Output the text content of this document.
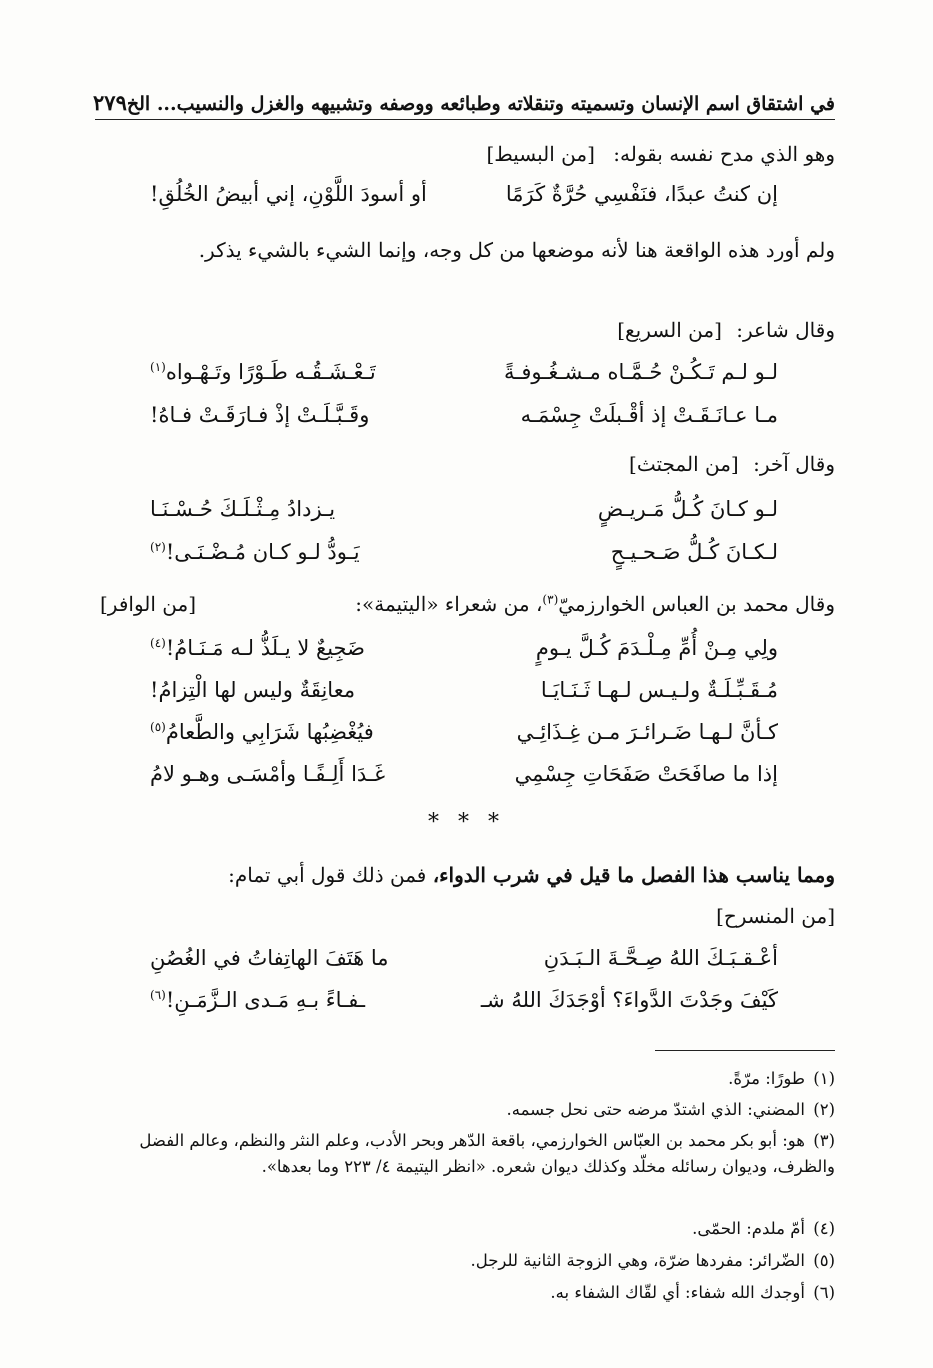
في اشتقاق اسم الإنسان وتسميته وتنقلاته وطبائعه ووصفه وتشبيهه والغزل والنسيب... الخ
٢٧٩
وهو الذي مدح نفسه بقوله: [من البسيط]
إن كنتُ عبدًا، فنَفْسِي حُرَّةٌ كَرَمًا
أو أسودَ اللَّوْنِ، إني أبيضُ الخُلُقِ!
ولم أورد هذه الواقعة هنا لأنه موضعها من كل وجه، وإنما الشيء بالشيء يذكر.
وقال شاعر: [من السريع]
لـو لـم تَـكُـنْ حُـمَّـاه مـشـغُـوفـةً
تَـعْـشَـقُـه طَـوْرًا وتَـهْـواه$^{(١)}$
مـا عـانَـقَـتْ إذ أقْـبلَتْ جِسْمَـه
وقَـبَّـلَـتْ إذْ فـارَقَـتْ فـاهُ!
وقال آخر: [من المجتث]
لـو كـانَ كُـلُّ مَـريـضٍ
يـزدادُ مِـثْـلَـكَ حُـسْـنَـا
لـكـانَ كُـلُّ صَـحـيـحٍ
يَـودُّ لـو كـان مُـضْـنَـى!$^{(٢)}$
وقال محمد بن العباس الخوارزميّ$^{(٣)}$، من شعراء «اليتيمة»:
[من الوافر]
ولِي مِـنْ أُمِّ مِـلْـدَمَ كُـلَّ يـومٍ
ضَجِيعٌ لا يـلَذُّ لـه مَـنَـامُ!$^{(٤)}$
مُـقَـبِّـلَـةٌ ولـيـس لـهـا ثَـنَـايَـا
معانِقَةٌ وليس لها الْتِزامُ!
كـأنَّ لـهـا ضَـرائـرَ مـن غِـذَائِـي
فيُغْضِبُها شَرَابِي والطَّعامُ$^{(٥)}$
إذا ما صافَحَتْ صَفَحَاتِ جِسْمِي
غَـدَا أَلِـفًـا وأمْسَـى وهـو لامُ
* * *
ومما يناسب هذا الفصل ما قيل في شرب الدواء، فمن ذلك قول أبي تمام:
[من المنسرح]
أعْـقـبَـكَ اللهُ صِـحَّـةَ الـبَـدَنِ
ما هَتَفَ الهاتِفاتُ في الغُصُنِ
كَيْفَ وجَدْتَ الدَّواءَ؟ أوْجَدَكَ اللهُ شـ
ـفـاءً بـهِ مَـدى الـزَّمَـنِ!$^{(٦)}$
(١)طورًا: مرّةً.
(٢)المضني: الذي اشتدّ مرضه حتى نحل جسمه.
(٣)هو: أبو بكر محمد بن العبّاس الخوارزمي، باقعة الدّهر وبحر الأدب، وعلم النثر والنظم، وعالم الفضل والظرف، وديوان رسائله مخلّد وكذلك ديوان شعره. «انظر اليتيمة ٤/ ٢٢٣ وما بعدها».
(٤)أمّ ملدم: الحمّى.
(٥)الضّرائر: مفردها ضرّة، وهي الزوجة الثانية للرجل.
(٦)أوجدك الله شفاء: أي لقّاك الشفاء به.
